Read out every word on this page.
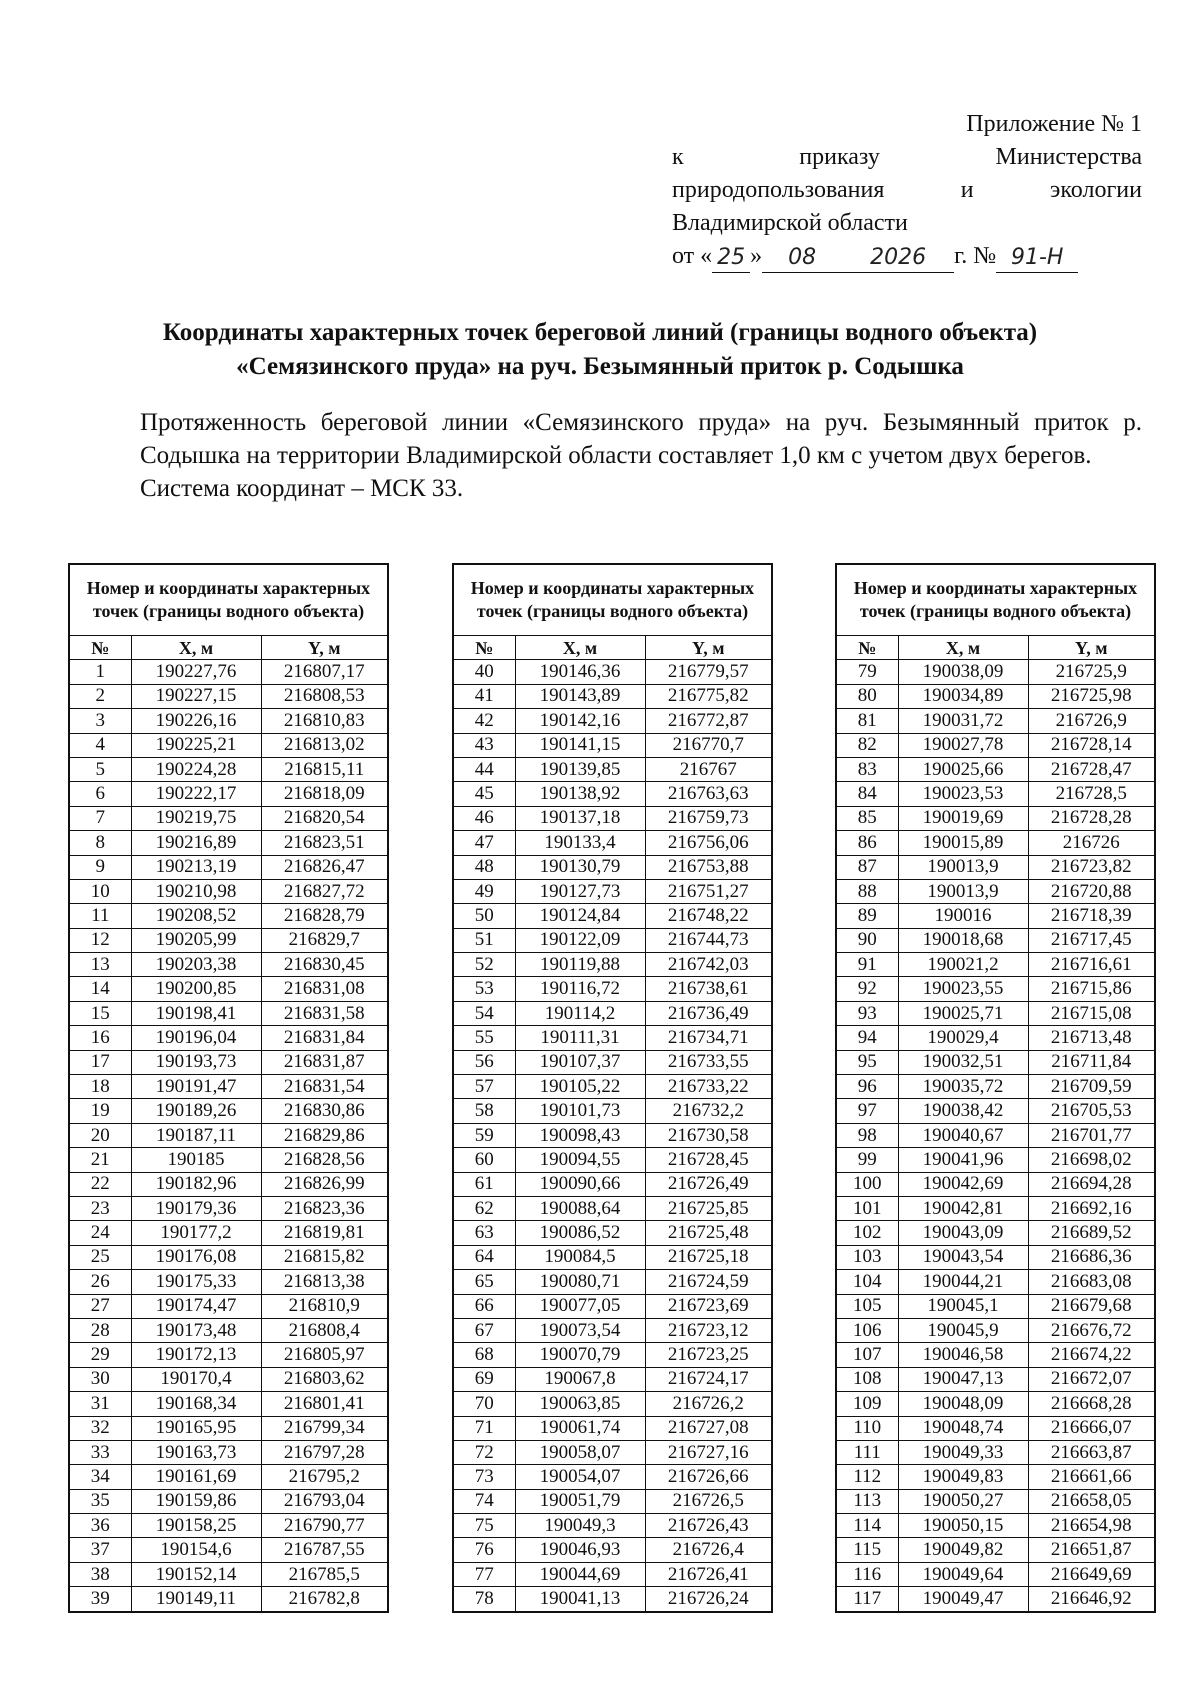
Приложение № 1
к	приказу	Министерства
природопользования	и	экологии
Владимирской области
от « 25 »	08	2026	г. № 91-Н
Координаты характерных точек береговой линий (границы водного объекта)
«Семязинского пруда» на руч. Безымянный приток р. Содышка
Протяженность береговой линии «Семязинского пруда» на руч. Безымянный приток р. Содышка на территории Владимирской области составляет 1,0 км с учетом двух берегов.
Система координат – МСК 33.
Номер и координаты характерных точек (границы водного объекта)		
№	X, м	Y, м
1	190227,76	216807,17
2	190227,15	216808,53
3	190226,16	216810,83
4	190225,21	216813,02
5	190224,28	216815,11
6	190222,17	216818,09
7	190219,75	216820,54
8	190216,89	216823,51
9	190213,19	216826,47
10	190210,98	216827,72
11	190208,52	216828,79
12	190205,99	216829,7
13	190203,38	216830,45
14	190200,85	216831,08
15	190198,41	216831,58
16	190196,04	216831,84
17	190193,73	216831,87
18	190191,47	216831,54
19	190189,26	216830,86
20	190187,11	216829,86
21	190185	216828,56
22	190182,96	216826,99
23	190179,36	216823,36
24	190177,2	216819,81
25	190176,08	216815,82
26	190175,33	216813,38
27	190174,47	216810,9
28	190173,48	216808,4
29	190172,13	216805,97
30	190170,4	216803,62
31	190168,34	216801,41
32	190165,95	216799,34
33	190163,73	216797,28
34	190161,69	216795,2
35	190159,86	216793,04
36	190158,25	216790,77
37	190154,6	216787,55
38	190152,14	216785,5
39	190149,11	216782,8
Номер и координаты характерных точек (границы водного объекта)		
№	X, м	Y, м
40	190146,36	216779,57
41	190143,89	216775,82
42	190142,16	216772,87
43	190141,15	216770,7
44	190139,85	216767
45	190138,92	216763,63
46	190137,18	216759,73
47	190133,4	216756,06
48	190130,79	216753,88
49	190127,73	216751,27
50	190124,84	216748,22
51	190122,09	216744,73
52	190119,88	216742,03
53	190116,72	216738,61
54	190114,2	216736,49
55	190111,31	216734,71
56	190107,37	216733,55
57	190105,22	216733,22
58	190101,73	216732,2
59	190098,43	216730,58
60	190094,55	216728,45
61	190090,66	216726,49
62	190088,64	216725,85
63	190086,52	216725,48
64	190084,5	216725,18
65	190080,71	216724,59
66	190077,05	216723,69
67	190073,54	216723,12
68	190070,79	216723,25
69	190067,8	216724,17
70	190063,85	216726,2
71	190061,74	216727,08
72	190058,07	216727,16
73	190054,07	216726,66
74	190051,79	216726,5
75	190049,3	216726,43
76	190046,93	216726,4
77	190044,69	216726,41
78	190041,13	216726,24
Номер и координаты характерных точек (границы водного объекта)		
№	X, м	Y, м
79	190038,09	216725,9
80	190034,89	216725,98
81	190031,72	216726,9
82	190027,78	216728,14
83	190025,66	216728,47
84	190023,53	216728,5
85	190019,69	216728,28
86	190015,89	216726
87	190013,9	216723,82
88	190013,9	216720,88
89	190016	216718,39
90	190018,68	216717,45
91	190021,2	216716,61
92	190023,55	216715,86
93	190025,71	216715,08
94	190029,4	216713,48
95	190032,51	216711,84
96	190035,72	216709,59
97	190038,42	216705,53
98	190040,67	216701,77
99	190041,96	216698,02
100	190042,69	216694,28
101	190042,81	216692,16
102	190043,09	216689,52
103	190043,54	216686,36
104	190044,21	216683,08
105	190045,1	216679,68
106	190045,9	216676,72
107	190046,58	216674,22
108	190047,13	216672,07
109	190048,09	216668,28
110	190048,74	216666,07
111	190049,33	216663,87
112	190049,83	216661,66
113	190050,27	216658,05
114	190050,15	216654,98
115	190049,82	216651,87
116	190049,64	216649,69
117	190049,47	216646,92
